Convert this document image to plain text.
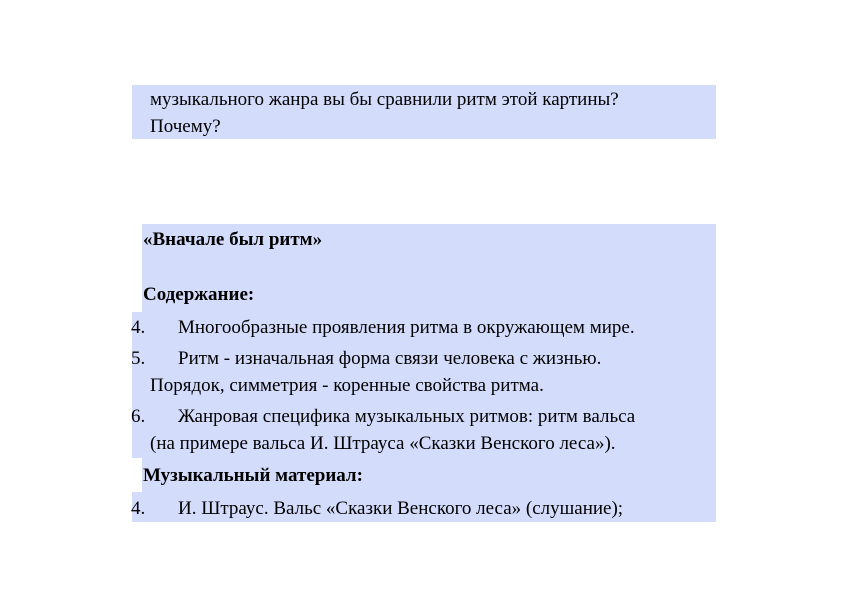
музыкального жанра вы бы сравнили ритм этой картины?
Почему?
«Вначале был ритм»
Содержание:
4. Многообразные проявления ритма в окружающем мире.
5. Ритм - изначальная форма связи человека с жизнью.
Порядок, симметрия - коренные свойства ритма.
6. Жанровая специфика музыкальных ритмов: ритм вальса
(на примере вальса И. Штрауса «Сказки Венского леса»).
Музыкальный материал:
4. И. Штраус. Вальс «Сказки Венского леса» (слушание);
